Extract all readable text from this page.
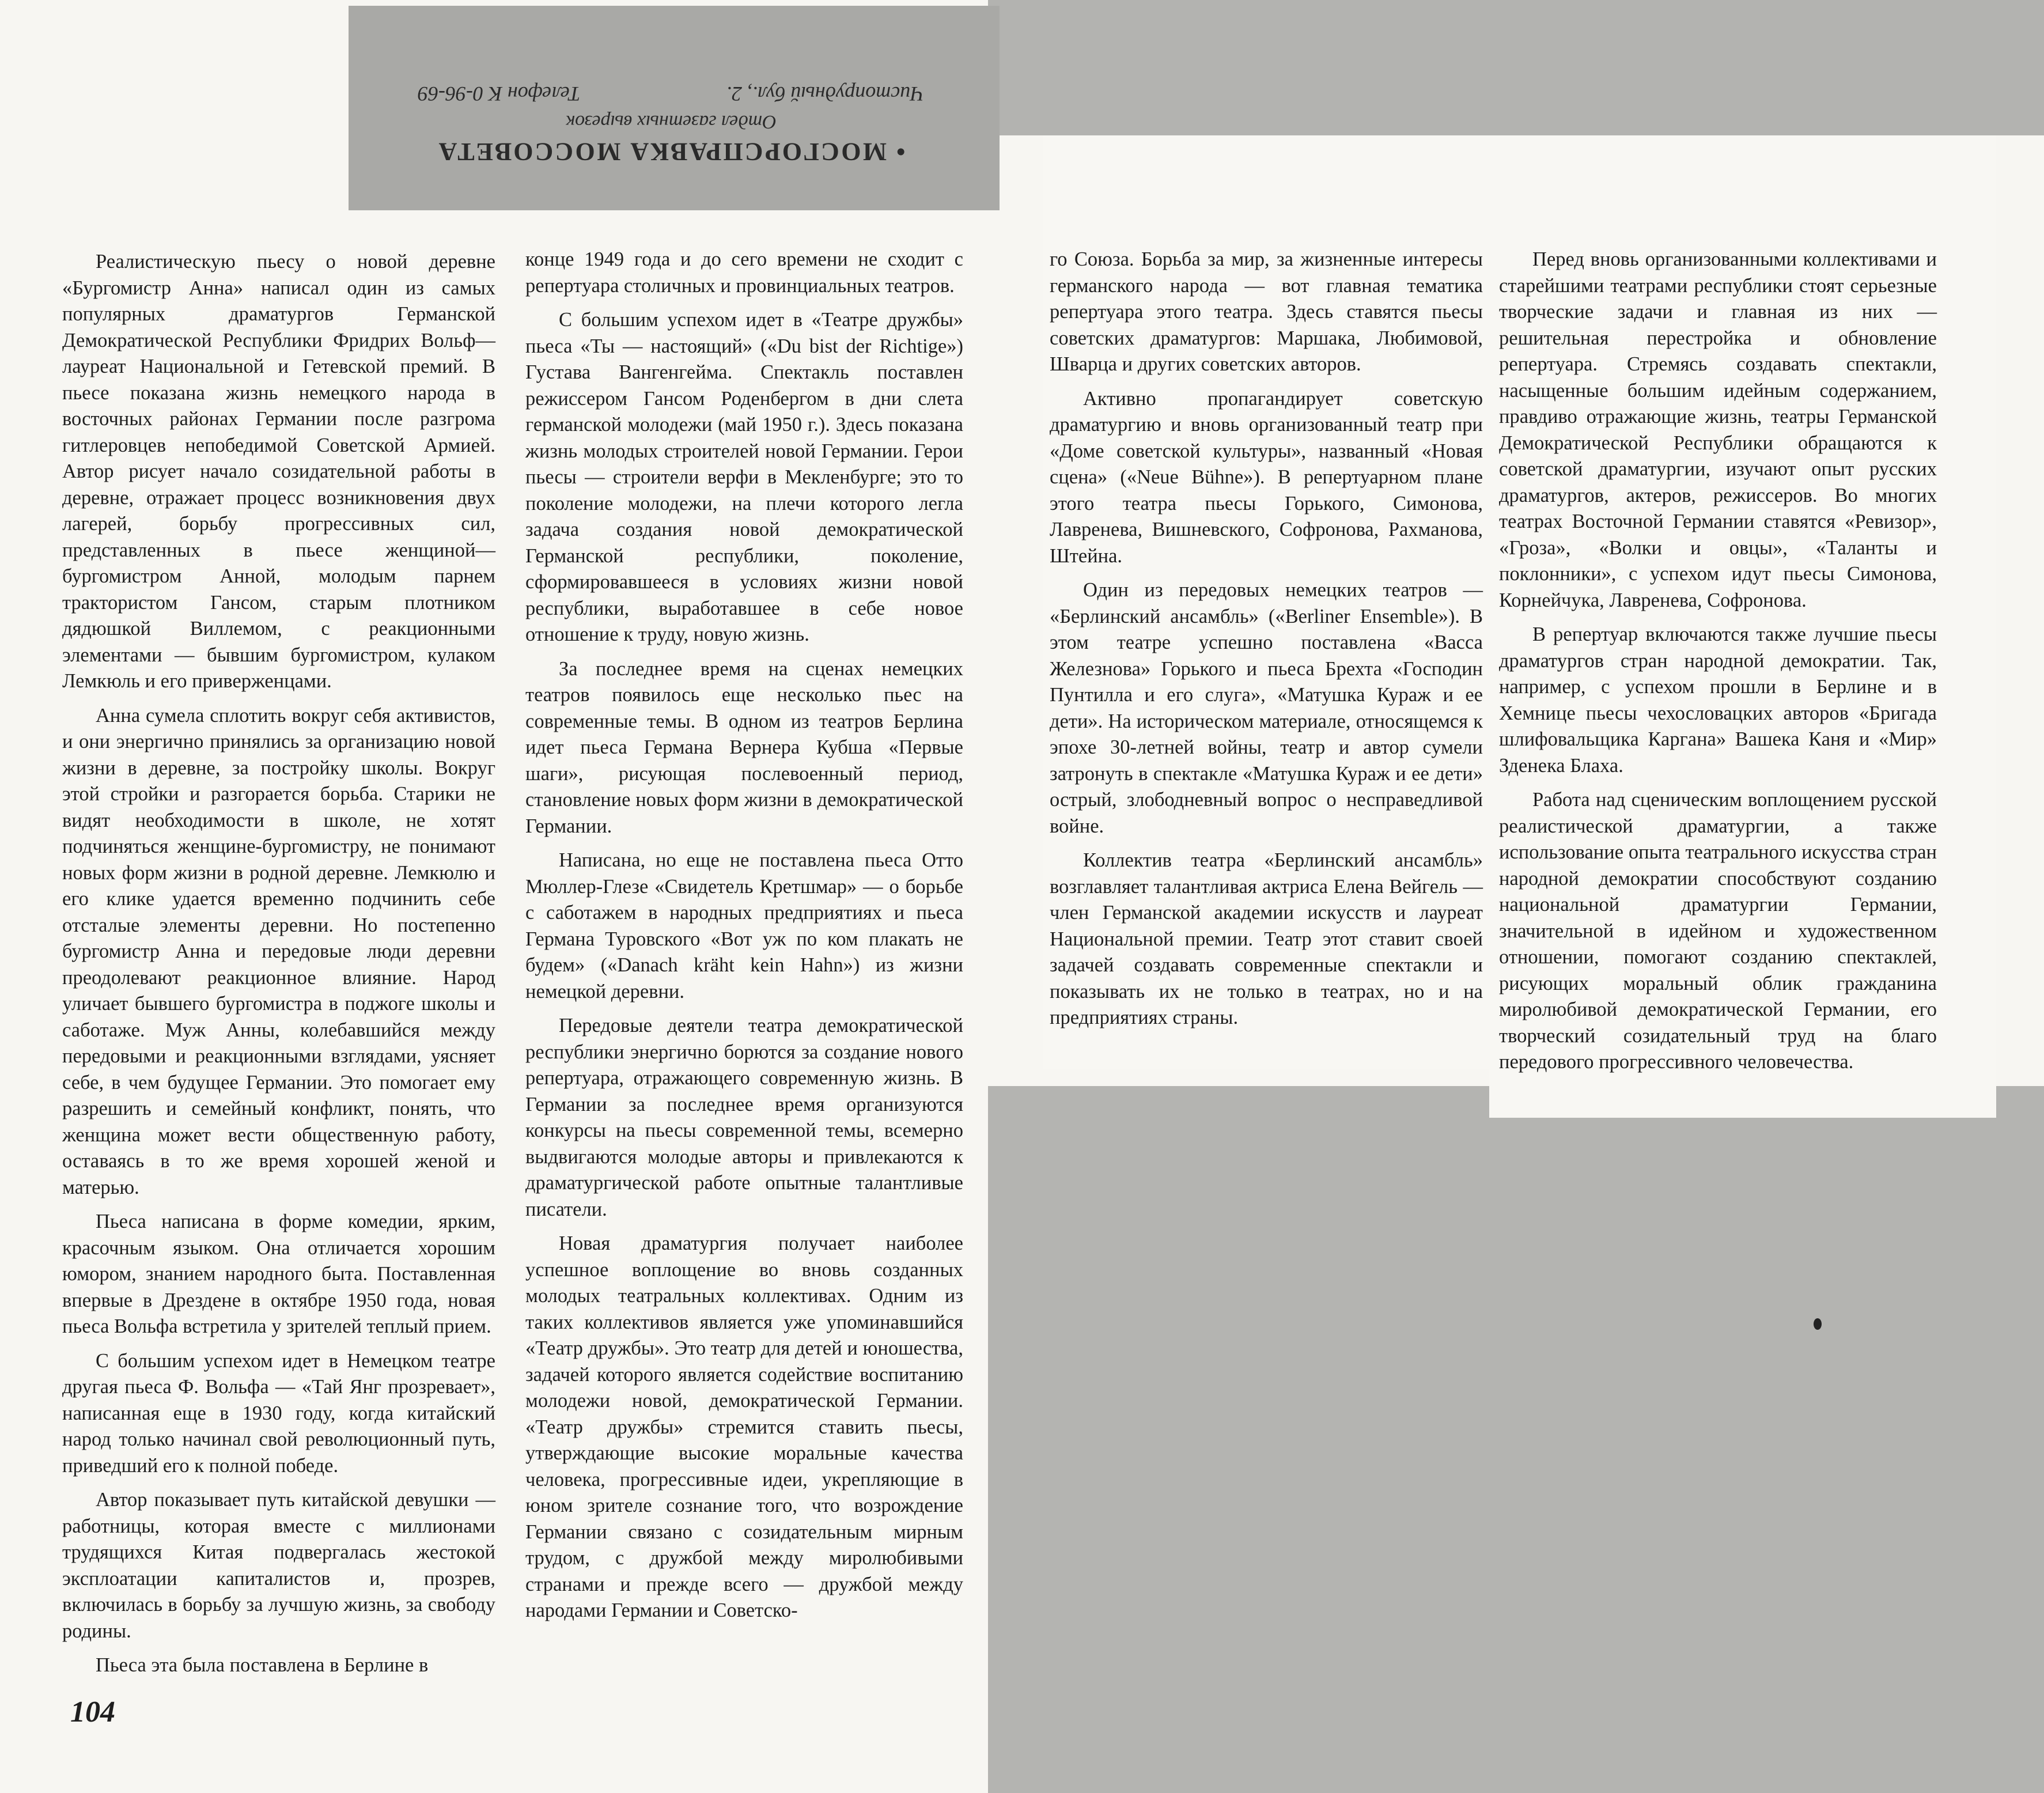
• МОСГОРСПРАВКА МОССОВЕТА
Отдел газетных вырезок
Чистопрудный бул., 2.
Телефон К 0-96-69

Реалистическую пьесу о новой деревне «Бургомистр Анна» написал один из самых популярных драматургов Германской Демократической Республики Фридрих Вольф— лауреат Национальной и Гетевской премий. В пьесе показана жизнь немецкого народа в восточных районах Германии после разгрома гитлеровцев непобедимой Советской Армией. Автор рисует начало созидательной работы в деревне, отражает процесс возникновения двух лагерей, борьбу прогрессивных сил, представленных в пьесе женщиной— бургомистром Анной, молодым парнем трактористом Гансом, старым плотником дядюшкой Виллемом, с реакционными элементами — бывшим бургомистром, кулаком Лемкюль и его приверженцами.

Анна сумела сплотить вокруг себя активистов, и они энергично принялись за организацию новой жизни в деревне, за постройку школы. Вокруг этой стройки и разгорается борьба. Старики не видят необходимости в школе, не хотят подчиняться женщине-бургомистру, не понимают новых форм жизни в родной деревне. Лемкюлю и его клике удается временно подчинить себе отсталые элементы деревни. Но постепенно бургомистр Анна и передовые люди деревни преодолевают реакционное влияние. Народ уличает бывшего бургомистра в поджоге школы и саботаже. Муж Анны, колебавшийся между передовыми и реакционными взглядами, уясняет себе, в чем будущее Германии. Это помогает ему разрешить и семейный конфликт, понять, что женщина может вести общественную работу, оставаясь в то же время хорошей женой и матерью.

Пьеса написана в форме комедии, ярким, красочным языком. Она отличается хорошим юмором, знанием народного быта. Поставленная впервые в Дрездене в октябре 1950 года, новая пьеса Вольфа встретила у зрителей теплый прием.

С большим успехом идет в Немецком театре другая пьеса Ф. Вольфа — «Тай Янг прозревает», написанная еще в 1930 году, когда китайский народ только начинал свой революционный путь, приведший его к полной победе.

Автор показывает путь китайской девушки — работницы, которая вместе с миллионами трудящихся Китая подвергалась жестокой эксплоатации капиталистов и, прозрев, включилась в борьбу за лучшую жизнь, за свободу родины.

Пьеса эта была поставлена в Берлине в

конце 1949 года и до сего времени не сходит с репертуара столичных и провинциальных театров.

С большим успехом идет в «Театре дружбы» пьеса «Ты — настоящий» («Du bist der Richtige») Густава Вангенгейма. Спектакль поставлен режиссером Гансом Роденбергом в дни слета германской молодежи (май 1950 г.). Здесь показана жизнь молодых строителей новой Германии. Герои пьесы — строители верфи в Мекленбурге; это то поколение молодежи, на плечи которого легла задача создания новой демократической Германской республики, поколение, сформировавшееся в условиях жизни новой республики, выработавшее в себе новое отношение к труду, новую жизнь.

За последнее время на сценах немецких театров появилось еще несколько пьес на современные темы. В одном из театров Берлина идет пьеса Германа Вернера Кубша «Первые шаги», рисующая послевоенный период, становление новых форм жизни в демократической Германии.

Написана, но еще не поставлена пьеса Отто Мюллер-Глезе «Свидетель Кретшмар» — о борьбе с саботажем в народных предприятиях и пьеса Германа Туровского «Вот уж по ком плакать не будем» («Danach kräht kein Hahn») из жизни немецкой деревни.

Передовые деятели театра демократической республики энергично борются за создание нового репертуара, отражающего современную жизнь. В Германии за последнее время организуются конкурсы на пьесы современной темы, всемерно выдвигаются молодые авторы и привлекаются к драматургической работе опытные талантливые писатели.

Новая драматургия получает наиболее успешное воплощение во вновь созданных молодых театральных коллективах. Одним из таких коллективов является уже упоминавшийся «Театр дружбы». Это театр для детей и юношества, задачей которого является содействие воспитанию молодежи новой, демократической Германии. «Театр дружбы» стремится ставить пьесы, утверждающие высокие моральные качества человека, прогрессивные идеи, укрепляющие в юном зрителе сознание того, что возрождение Германии связано с созидательным мирным трудом, с дружбой между миролюбивыми странами и прежде всего — дружбой между народами Германии и Советско-

го Союза. Борьба за мир, за жизненные интересы германского народа — вот главная тематика репертуара этого театра. Здесь ставятся пьесы советских драматургов: Маршака, Любимовой, Шварца и других советских авторов.

Активно пропагандирует советскую драматургию и вновь организованный театр при «Доме советской культуры», названный «Новая сцена» («Neue Bühne»). В репертуарном плане этого театра пьесы Горького, Симонова, Лавренева, Вишневского, Софронова, Рахманова, Штейна.

Один из передовых немецких театров — «Берлинский ансамбль» («Berliner Ensemble»). В этом театре успешно поставлена «Васса Железнова» Горького и пьеса Брехта «Господин Пунтилла и его слуга», «Матушка Кураж и ее дети». На историческом материале, относящемся к эпохе 30-летней войны, театр и автор сумели затронуть в спектакле «Матушка Кураж и ее дети» острый, злободневный вопрос о несправедливой войне.

Коллектив театра «Берлинский ансамбль» возглавляет талантливая актриса Елена Вейгель — член Германской академии искусств и лауреат Национальной премии. Театр этот ставит своей задачей создавать современные спектакли и показывать их не только в театрах, но и на предприятиях страны.

Перед вновь организованными коллективами и старейшими театрами республики стоят серьезные творческие задачи и главная из них — решительная перестройка и обновление репертуара. Стремясь создавать спектакли, насыщенные большим идейным содержанием, правдиво отражающие жизнь, театры Германской Демократической Республики обращаются к советской драматургии, изучают опыт русских драматургов, актеров, режиссеров. Во многих театрах Восточной Германии ставятся «Ревизор», «Гроза», «Волки и овцы», «Таланты и поклонники», с успехом идут пьесы Симонова, Корнейчука, Лавренева, Софронова.

В репертуар включаются также лучшие пьесы драматургов стран народной демократии. Так, например, с успехом прошли в Берлине и в Хемнице пьесы чехословацких авторов «Бригада шлифовальщика Каргана» Вашека Каня и «Мир» Зденека Блаха.

Работа над сценическим воплощением русской реалистической драматургии, а также использование опыта театрального искусства стран народной демократии способствуют созданию национальной драматургии Германии, значительной в идейном и художественном отношении, помогают созданию спектаклей, рисующих моральный облик гражданина миролюбивой демократической Германии, его творческий созидательный труд на благо передового прогрессивного человечества.

104
